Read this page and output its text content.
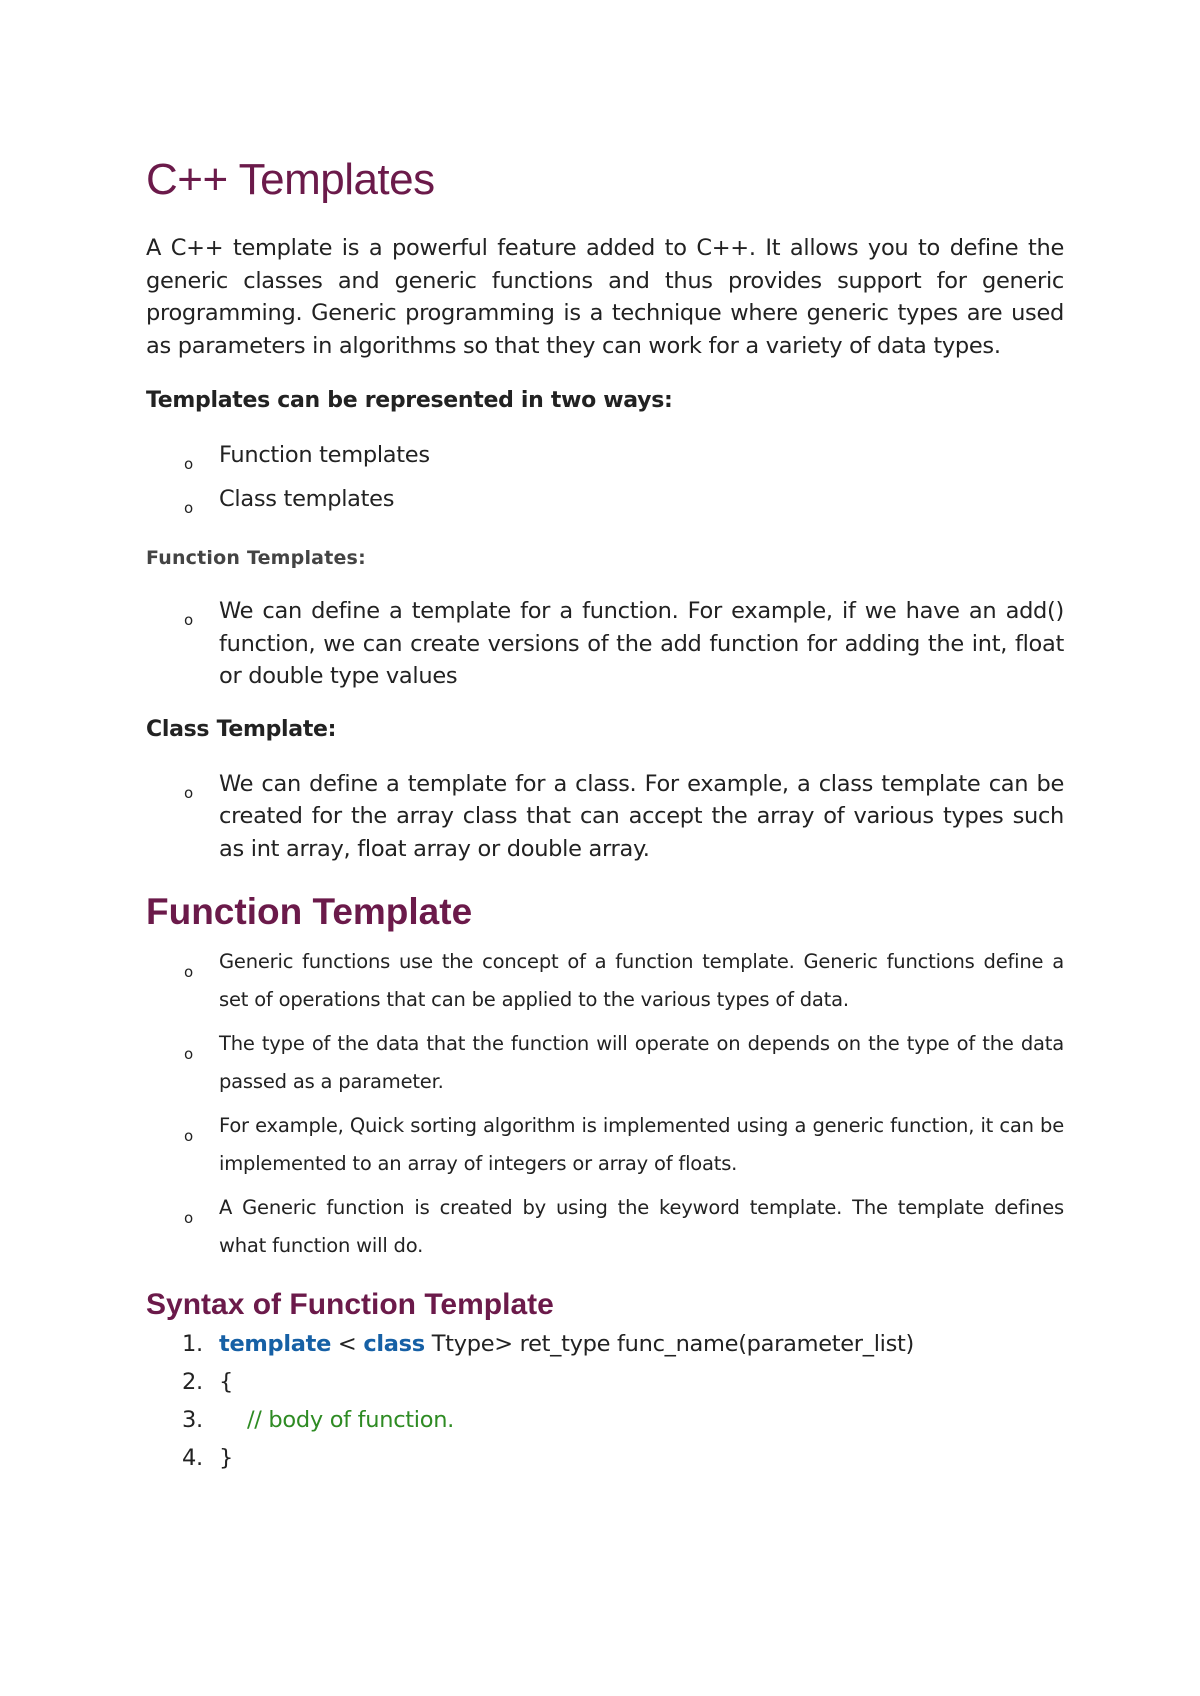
C++ Templates

A C++ template is a powerful feature added to C++. It allows you to define the generic classes and generic functions and thus provides support for generic programming. Generic programming is a technique where generic types are used as parameters in algorithms so that they can work for a variety of data types.

Templates can be represented in two ways:

o Function templates
o Class templates

Function Templates:

o We can define a template for a function. For example, if we have an add() function, we can create versions of the add function for adding the int, float or double type values

Class Template:

o We can define a template for a class. For example, a class template can be created for the array class that can accept the array of various types such as int array, float array or double array.
Function Template
o Generic functions use the concept of a function template. Generic functions define a set of operations that can be applied to the various types of data.
o The type of the data that the function will operate on depends on the type of the data passed as a parameter.
o For example, Quick sorting algorithm is implemented using a generic function, it can be implemented to an array of integers or array of floats.
o A Generic function is created by using the keyword template. The template defines what function will do.
Syntax of Function Template
1. template < class Ttype> ret_type func_name(parameter_list)
2. {
3. // body of function.
4. }
